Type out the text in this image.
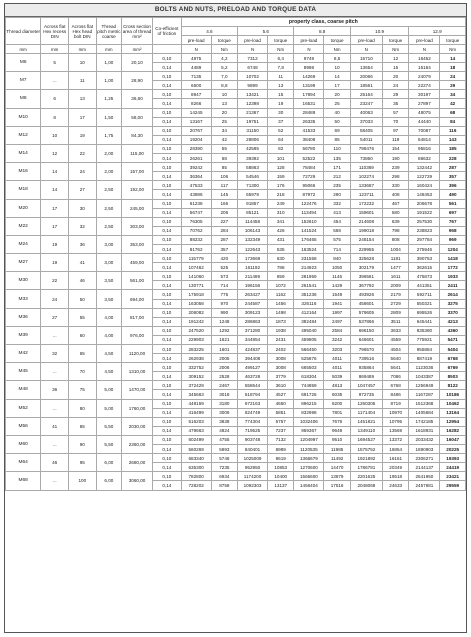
BOLTS AND NUTS, PRELOAD AND TORQUE DATA
Thread diameter	Across flat Hex recess DIN	Across flat Hex head bolt DIN	Thread pitch metric coarse	Cross section area of thread mm²	Co-efficient of friction	property class, coarse pitch									
						4.6		5.6		8.8		10.9		12.9	
						pre-load	torque	pre-load	torque	pre-load	torque	pre-load	torque	pre-load	torque
mm	mm	mm	mm	mm²		N	Nm	N	Nm	N	Nm	N	Nm	N	Nm
M6	5	10	1,00	20,10	0,10	4875	4,2	7312	6,4	9749	8,5	15710	12	16452	14
					0,14	4489	5,2	6748	7,8	8998	10	13654	15	15184	18
M7	...	11	1,00	28,90	0,10	7135	7,0	10702	11	14269	14	20066	20	24079	24
					0,14	6600	8,8	9899	13	13199	17	18561	24	22274	29
M8	6	13	1,25	36,60	0,10	8947	10	13421	15	17894	20	25164	29	30197	34
					0,14	8266	13	12398	19	16531	25	23247	35	27897	42
M10	8	17	1,50	58,00	0,10	14245	20	21367	30	28489	40	40063	57	48075	68
					0,14	13167	25	19751	37	26335	50	37033	70	44440	84
M12	10	19	1,75	84,30	0,10	20767	34	31150	52	41533	69	58405	97	70087	116
					0,14	19204	42	28806	64	38408	85	54011	119	64814	143
M14	12	22	2,00	115,00	0,10	28390	55	42585	82	56780	110	798476	154	95816	185
					0,14	26261	68	39392	101	52522	135	73860	190	88632	228
M16	14	24	2,00	157,00	0,10	39242	85	58863	128	78484	171	110369	239	132442	287
					0,14	36364	106	54546	159	72729	212	102274	298	122729	357
M18	14	27	2,50	192,00	0,10	47533	117	71300	176	95066	235	133687	330	160424	396
					0,14	43986	145	65979	218	87972	290	123711	408	148453	490
M20	17	30	2,50	245,00	0,10	61238	166	91857	249	122476	332	172232	467	206678	561
					0,14	56747	206	85121	310	113494	413	159601	580	191522	697
M22	17	32	2,50	303,00	0,10	76305	227	114458	341	152610	454	214608	639	257530	767
					0,14	70762	284	106143	426	141524	568	199018	798	238823	958
M24	19	36	3,00	353,00	0,10	88232	287	132349	431	176465	575	248154	808	297784	969
					0,14	81762	357	122643	535	163524	714	229955	1004	275946	1204
M27	19	41	3,00	459,00	0,10	115779	420	173668	630	231558	840	325628	1181	390753	1418
					0,14	107462	525	161192	788	214923	1050	302179	1477	362615	1772
M30	22	46	3,50	561,00	0,10	141060	573	211489	859	281959	1146	396561	1611	475873	1933
					0,14	130771	714	196156	1072	261541	1429	367792	2009	441351	2411
M33	24	50	3,50	694,00	0,10	175918	775	263427	1162	351236	1549	493926	2179	592711	2614
					0,14	163058	970	244587	1456	326116	1941	458601	2729	550321	3275
M36	27	55	4,00	817,00	0,10	206082	990	309123	1498	412164	1997	579605	2809	695526	3370
					0,14	191242	1248	286863	1873	382484	2497	537866	3511	645441	4213
M39	...	60	4,00	976,00	0,10	247520	1292	371280	1938	495040	2584	696150	3633	835380	4360
					0,14	229903	1621	344854	2431	459805	3242	646601	4559	775921	5471
M42	32	65	4,50	1120,00	0,10	283225	1601	424837	2402	566450	3203	796570	4504	955884	5404
					0,14	262938	2005	394408	3008	525876	4011	739516	5640	887419	6768
M45	...	70	4,50	1310,00	0,10	332752	2006	499127	3008	665503	4011	935864	5641	1123036	6769
					0,14	309152	2528	463728	3779	618304	5039	869489	7086	1043387	8503
M48	36	75	5,00	1470,00	0,10	372429	2467	558644	3610	744859	4813	1047457	6768	1256949	8122
					0,14	345663	3018	518794	4527	691726	6035	972735	8486	1167287	10186
M52	...	80	5,00	1760,00	0,10	448159	3180	672163	4650	896215	6200	1260305	8719	1512368	10462
					0,14	416499	3006	624749	5851	832998	7801	1171404	10970	1405684	13164
M56	41	85	5,50	2030,00	0,10	516203	3838	774304	5757	1032406	7676	1451821	10795	1742185	12954
					0,14	479663	4824	719525	7237	959367	9649	1349110	13569	1618931	16282
M60	...	90	5,50	2360,00	0,10	602499	4755	903748	7132	1204997	9510	1694527	13372	2033432	16047
					0,14	560269	5993	840401	8989	1120535	11985	1575752	16854	1890903	20225
M64	46	95	6,00	2680,00	0,10	683340	5746	1025009	8619	1366679	11492	1921892	16161	2306271	19393
					0,14	635300	7235	952950	10853	1270600	14470	1786781	20349	2144137	24419
M68	...	100	6,00	3060,00	0,10	782800	6934	1174200	10400	1565600	13879	2201625	19518	2641950	23421
					0,14	728202	8758	1092303	13137	1456404	17516	2048068	24633	2457681	29559
